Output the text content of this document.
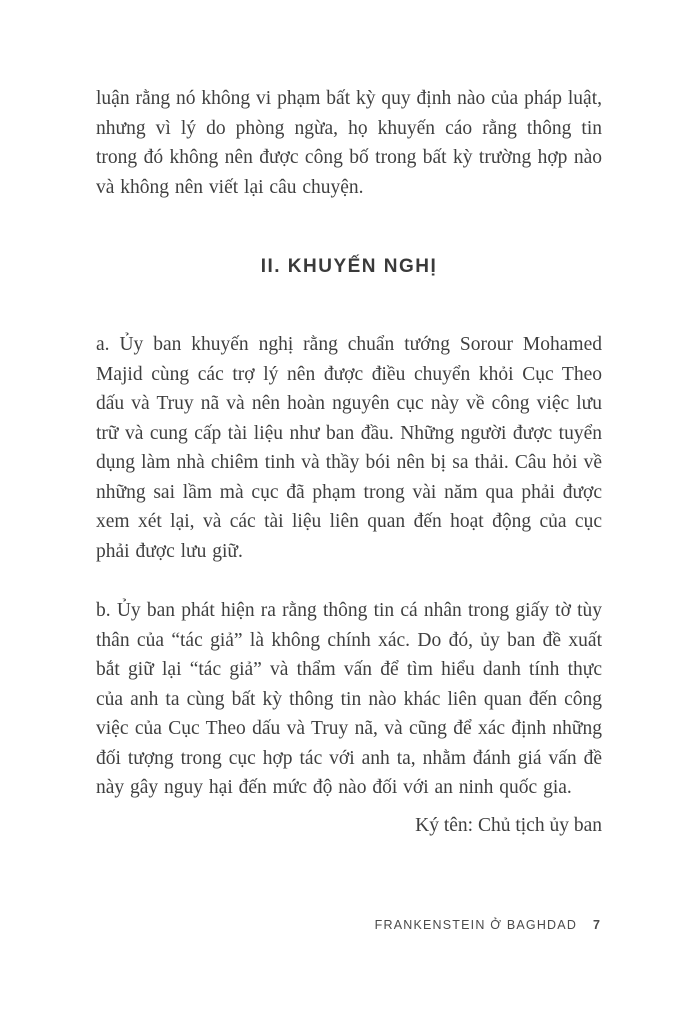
luận rằng nó không vi phạm bất kỳ quy định nào của pháp luật, nhưng vì lý do phòng ngừa, họ khuyến cáo rằng thông tin trong đó không nên được công bố trong bất kỳ trường hợp nào và không nên viết lại câu chuyện.

II. KHUYẾN NGHỊ

a. Ủy ban khuyến nghị rằng chuẩn tướng Sorour Mohamed Majid cùng các trợ lý nên được điều chuyển khỏi Cục Theo dấu và Truy nã và nên hoàn nguyên cục này về công việc lưu trữ và cung cấp tài liệu như ban đầu. Những người được tuyển dụng làm nhà chiêm tinh và thầy bói nên bị sa thải. Câu hỏi về những sai lầm mà cục đã phạm trong vài năm qua phải được xem xét lại, và các tài liệu liên quan đến hoạt động của cục phải được lưu giữ.

b. Ủy ban phát hiện ra rằng thông tin cá nhân trong giấy tờ tùy thân của “tác giả” là không chính xác. Do đó, ủy ban đề xuất bắt giữ lại “tác giả” và thẩm vấn để tìm hiểu danh tính thực của anh ta cùng bất kỳ thông tin nào khác liên quan đến công việc của Cục Theo dấu và Truy nã, và cũng để xác định những đối tượng trong cục hợp tác với anh ta, nhằm đánh giá vấn đề này gây nguy hại đến mức độ nào đối với an ninh quốc gia.

Ký tên: Chủ tịch ủy ban

FRANKENSTEIN Ở BAGHDAD 7
